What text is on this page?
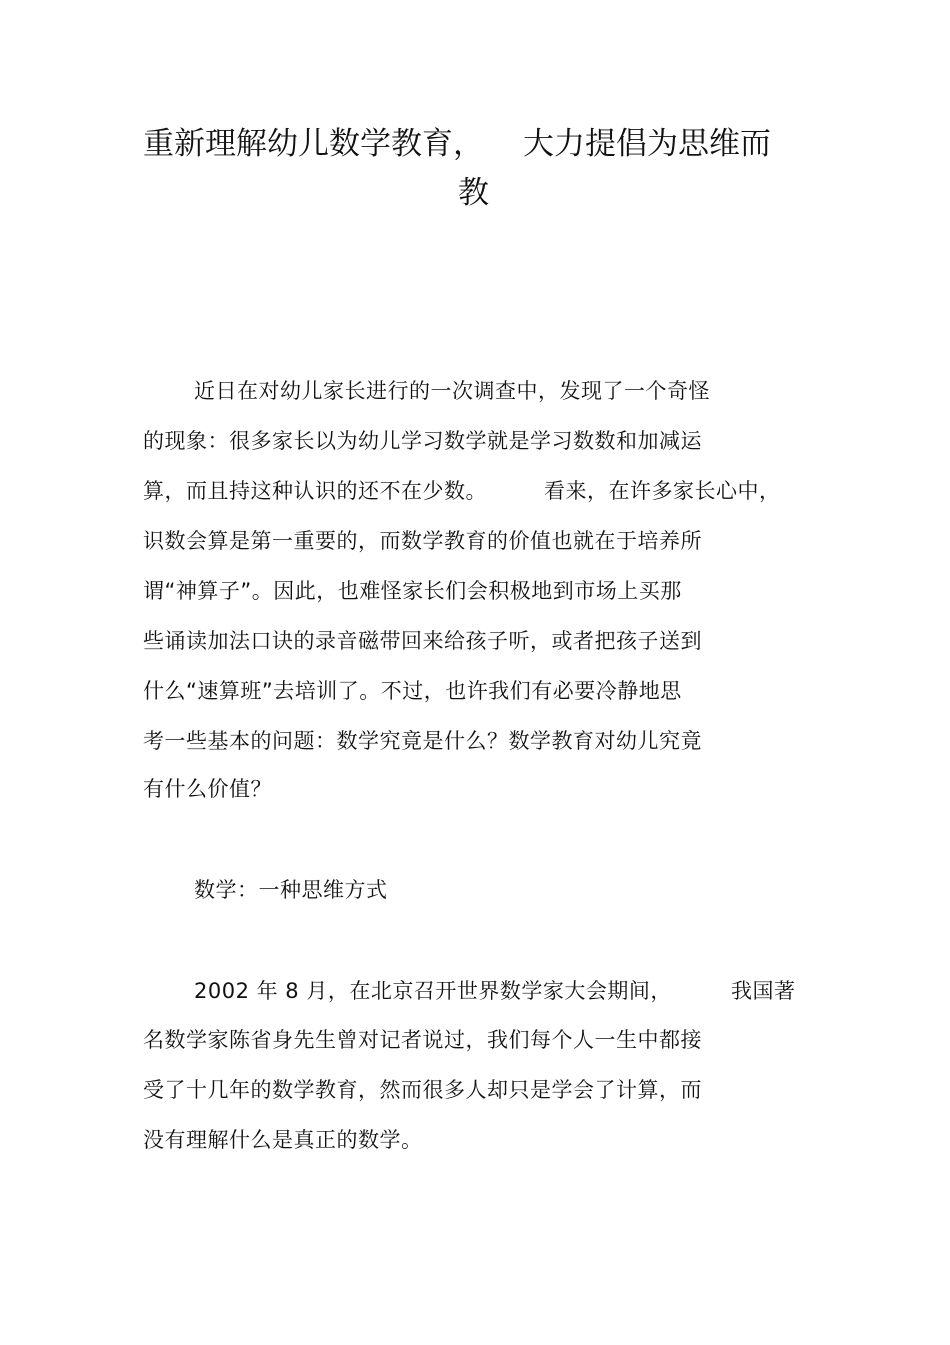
重新理解幼儿数学教育， 大力提倡为思维而
教
近日在对幼儿家长进行的一次调查中，发现了一个奇怪
的现象：很多家长以为幼儿学习数学就是学习数数和加减运
算，而且持这种认识的还不在少数。	看来，在许多家长心中，
识数会算是第一重要的，而数学教育的价值也就在于培养所
谓“神算子”。因此，也难怪家长们会积极地到市场上买那
些诵读加法口诀的录音磁带回来给孩子听，或者把孩子送到
什么“速算班”去培训了。不过，也许我们有必要冷静地思
考一些基本的问题：数学究竟是什么？数学教育对幼儿究竟
有什么价值？
数学：一种思维方式
2002 年 8 月，在北京召开世界数学家大会期间，	我国著
名数学家陈省身先生曾对记者说过，我们每个人一生中都接
受了十几年的数学教育，然而很多人却只是学会了计算，而
没有理解什么是真正的数学。
